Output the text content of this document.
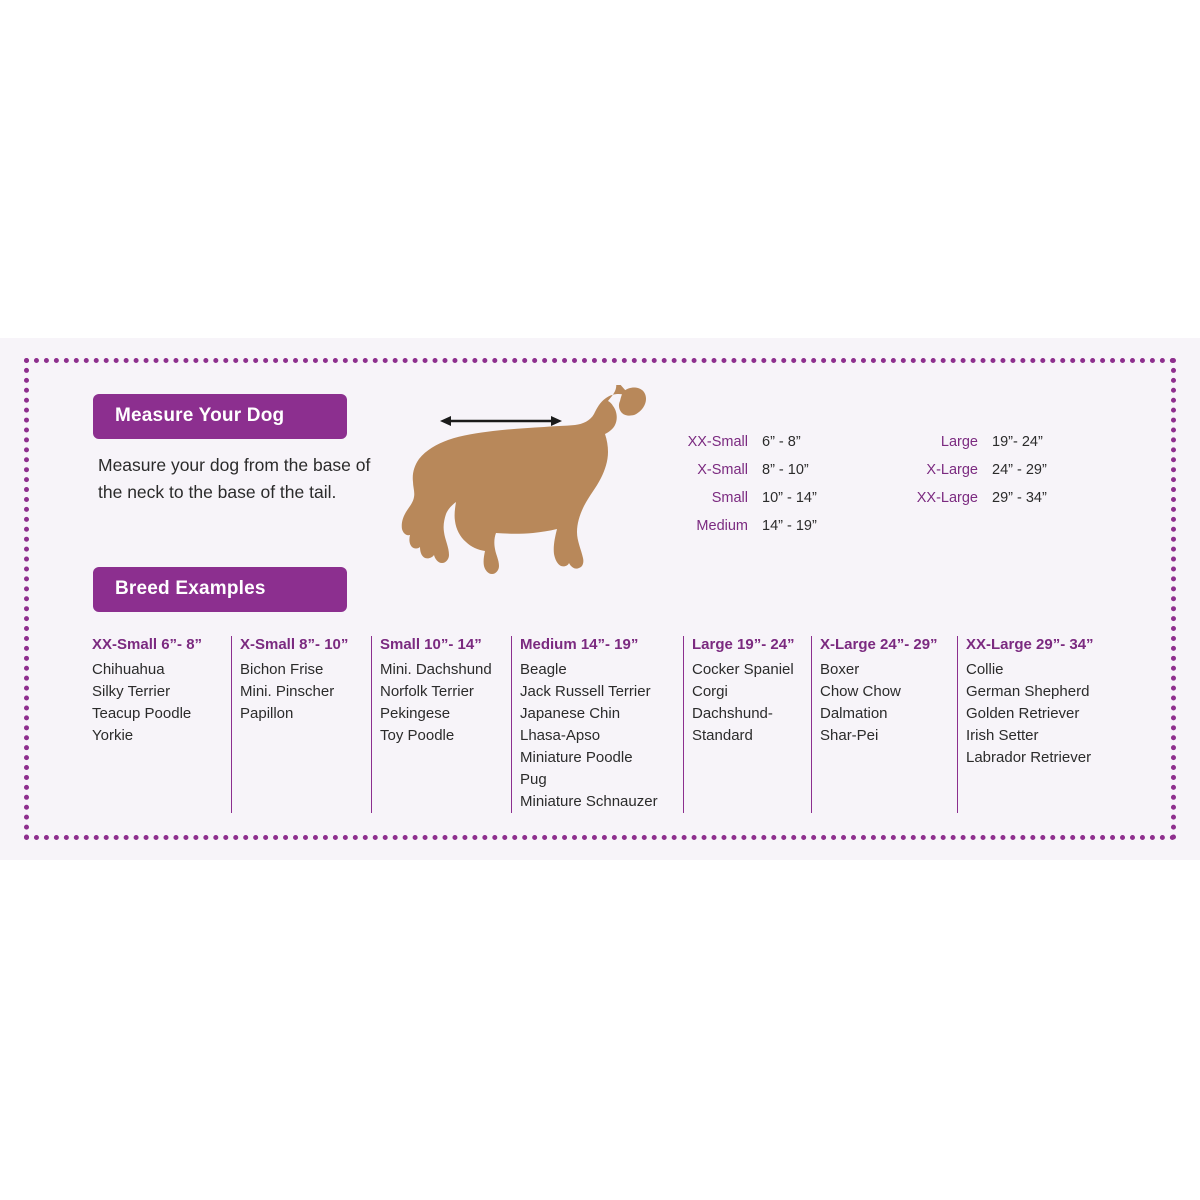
Measure Your Dog
Measure your dog from the base of the neck to the base of the tail.
Breed Examples
XX-Small 6” - 8”
X-Small 8” - 10”
Small 10” - 14”
Medium 14” - 19”
Large 19”- 24”
X-Large 24” - 29”
XX-Large 29” - 34”
XX-Small 6”- 8”
Chihuahua
Silky Terrier
Teacup Poodle
Yorkie
X-Small 8”- 10”
Bichon Frise
Mini. Pinscher
Papillon
Small 10”- 14”
Mini. Dachshund
Norfolk Terrier
Pekingese
Toy Poodle
Medium 14”- 19”
Beagle
Jack Russell Terrier
Japanese Chin
Lhasa-Apso
Miniature Poodle
Pug
Miniature Schnauzer
Large 19”- 24”
Cocker Spaniel
Corgi
Dachshund-
Standard
X-Large 24”- 29”
Boxer
Chow Chow
Dalmation
Shar-Pei
XX-Large 29”- 34”
Collie
German Shepherd
Golden Retriever
Irish Setter
Labrador Retriever
